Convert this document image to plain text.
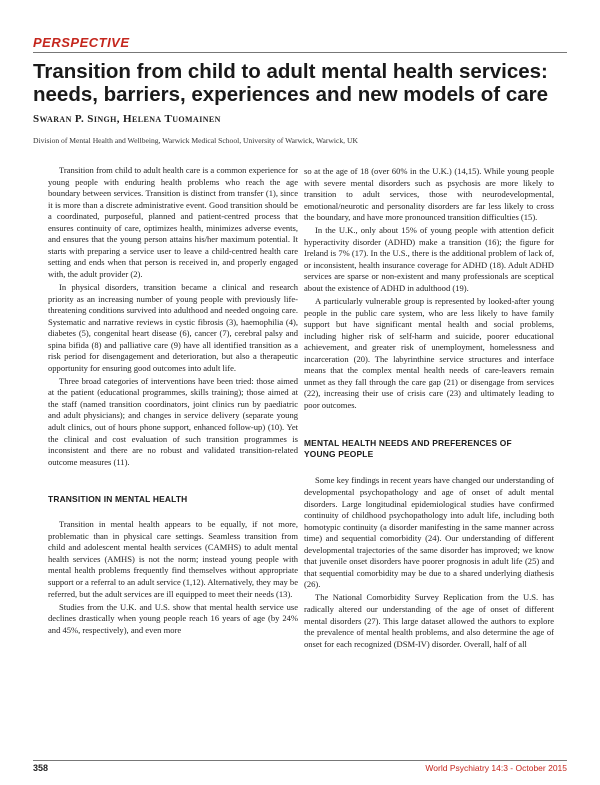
PERSPECTIVE
Transition from child to adult mental health services:
needs, barriers, experiences and new models of care
Swaran P. Singh, Helena Tuomainen
Division of Mental Health and Wellbeing, Warwick Medical School, University of Warwick, Warwick, UK

Transition from child to adult health care is a common experience for young people with enduring health problems who reach the age boundary between services. Transition is distinct from transfer (1), since it is more than a discrete administrative event. Good transition should be a coordinated, purposeful, planned and patient-centred process that ensures continuity of care, optimizes health, minimizes adverse events, and ensures that the young person attains his/her maximum potential. It starts with preparing a service user to leave a child-centred health care setting and ends when that person is received in, and properly engaged with, the adult provider (2).

In physical disorders, transition became a clinical and research priority as an increasing number of young people with previously life-threatening conditions survived into adulthood and needed ongoing care. Systematic and narrative reviews in cystic fibrosis (3), haemophilia (4), diabetes (5), congenital heart disease (6), cancer (7), cerebral palsy and spina bifida (8) and palliative care (9) have all identified transition as a risk period for disengagement and deterioration, but also a therapeutic opportunity for ensuring good outcomes into adult life.

Three broad categories of interventions have been tried: those aimed at the patient (educational programmes, skills training); those aimed at the staff (named transition coordinators, joint clinics run by paediatric and adult physicians); and changes in service delivery (separate young adult clinics, out of hours phone support, enhanced follow-up) (10). Yet the clinical and cost evaluation of such transition programmes is inconsistent and there are no robust and validated transition-related outcome measures (11).

TRANSITION IN MENTAL HEALTH

Transition in mental health appears to be equally, if not more, problematic than in physical care settings. Seamless transition from child and adolescent mental health services (CAMHS) to adult mental health services (AMHS) is not the norm; instead young people with mental health problems frequently find themselves without appropriate support or a referral to an adult service (1,12). Alternatively, they may be referred, but the adult services are ill equipped to meet their needs (13).

Studies from the U.K. and U.S. show that mental health service use declines drastically when young people reach 16 years of age (by 24% and 45%, respectively), and even more

so at the age of 18 (over 60% in the U.K.) (14,15). While young people with severe mental disorders such as psychosis are more likely to transition to adult services, those with neurodevelopmental, emotional/neurotic and personality disorders are far less likely to cross the boundary, and have more pronounced transition difficulties (15).

In the U.K., only about 15% of young people with attention deficit hyperactivity disorder (ADHD) make a transition (16); the figure for Ireland is 7% (17). In the U.S., there is the additional problem of lack of, or inconsistent, health insurance coverage for ADHD (18). Adult ADHD services are sparse or non-existent and many professionals are sceptical about the existence of ADHD in adulthood (19).

A particularly vulnerable group is represented by looked-after young people in the public care system, who are less likely to have family support but have significant mental health and social problems, including higher risk of self-harm and suicide, poorer educational achievement, and greater risk of unemployment, homelessness and incarceration (20). The labyrinthine service structures and interface means that the complex mental health needs of care-leavers remain unmet as they fall through the care gap (21) or disengage from services (22), increasing their use of crisis care (23) and ultimately leading to poor outcomes.

MENTAL HEALTH NEEDS AND PREFERENCES OF
YOUNG PEOPLE

Some key findings in recent years have changed our understanding of developmental psychopathology and age of onset of adult mental disorders. Large longitudinal epidemiological studies have confirmed continuity of childhood psychopathology into adult life, including both homotypic continuity (a disorder manifesting in the same manner across time) and sequential comorbidity (24). Our understanding of different developmental trajectories of the same disorder has improved; we know that juvenile onset disorders have poorer prognosis in adult life (25) and that sequential comorbidity may be due to a shared underlying diathesis (26).

The National Comorbidity Survey Replication from the U.S. has radically altered our understanding of the age of onset of different mental disorders (27). This large dataset allowed the authors to explore the prevalence of mental health problems, and also determine the age of onset for each recognized (DSM-IV) disorder. Overall, half of all

358	World Psychiatry 14:3 - October 2015
